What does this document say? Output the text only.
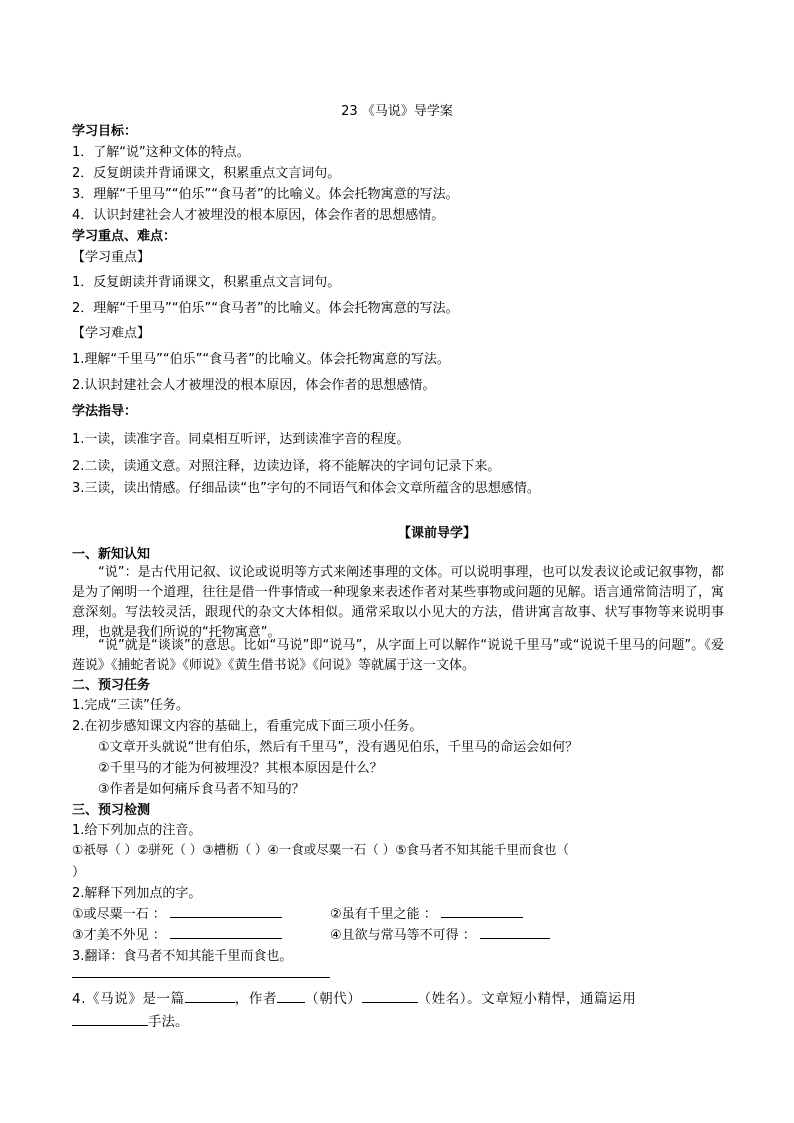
23 《马说》导学案
学习目标：
1．了解“说”这种文体的特点。
2．反复朗读并背诵课文，积累重点文言词句。
3．理解“千里马”“伯乐”“食马者”的比喻义。体会托物寓意的写法。
4．认识封建社会人才被埋没的根本原因，体会作者的思想感情。
学习重点、难点：
【学习重点】
1．反复朗读并背诵课文，积累重点文言词句。
2．理解“千里马”“伯乐”“食马者”的比喻义。体会托物寓意的写法。
【学习难点】
1.理解“千里马”“伯乐”“食马者”的比喻义。体会托物寓意的写法。
2.认识封建社会人才被埋没的根本原因，体会作者的思想感情。
学法指导：
1.一读，读准字音。同桌相互听评，达到读准字音的程度。
2.二读，读通文意。对照注释，边读边译，将不能解决的字词句记录下来。
3.三读，读出情感。仔细品读“也”字句的不同语气和体会文章所蕴含的思想感情。
【课前导学】
一、新知认知
“说”：是古代用记叙、议论或说明等方式来阐述事理的文体。可以说明事理，也可以发表议论或记叙事物，都是为了阐明一个道理，往往是借一件事情或一种现象来表述作者对某些事物或问题的见解。语言通常简洁明了，寓意深刻。写法较灵活，跟现代的杂文大体相似。通常采取以小见大的方法，借讲寓言故事、状写事物等来说明事理，也就是我们所说的“托物寓意”。
“说”就是“谈谈”的意思。比如“马说”即“说马”，从字面上可以解作“说说千里马”或“说说千里马的问题”。《爱莲说》《捕蛇者说》《师说》《黄生借书说》《问说》等就属于这一文体。
二、预习任务
1.完成“三读”任务。
2.在初步感知课文内容的基础上，看重完成下面三项小任务。
①文章开头就说“世有伯乐，然后有千里马”，没有遇见伯乐，千里马的命运会如何？
②千里马的才能为何被埋没？其根本原因是什么？
③作者是如何痛斥食马者不知马的？
三、预习检测
1.给下列加点的注音。
①祇辱（ ）②骈死（ ）③槽枥（ ）④一食或尽粟一石（ ）⑤食马者不知其能千里而食也（
）
2.解释下列加点的字。
①或尽粟一石 ：	②虽有千里之能 ：
③才美不外见 ：	④且欲与常马等不可得 ：
3.翻译：食马者不知其能千里而食也。
4.《马说》是一篇	，作者 （朝代）	（姓名）。文章短小精悍，通篇运用
手法。
